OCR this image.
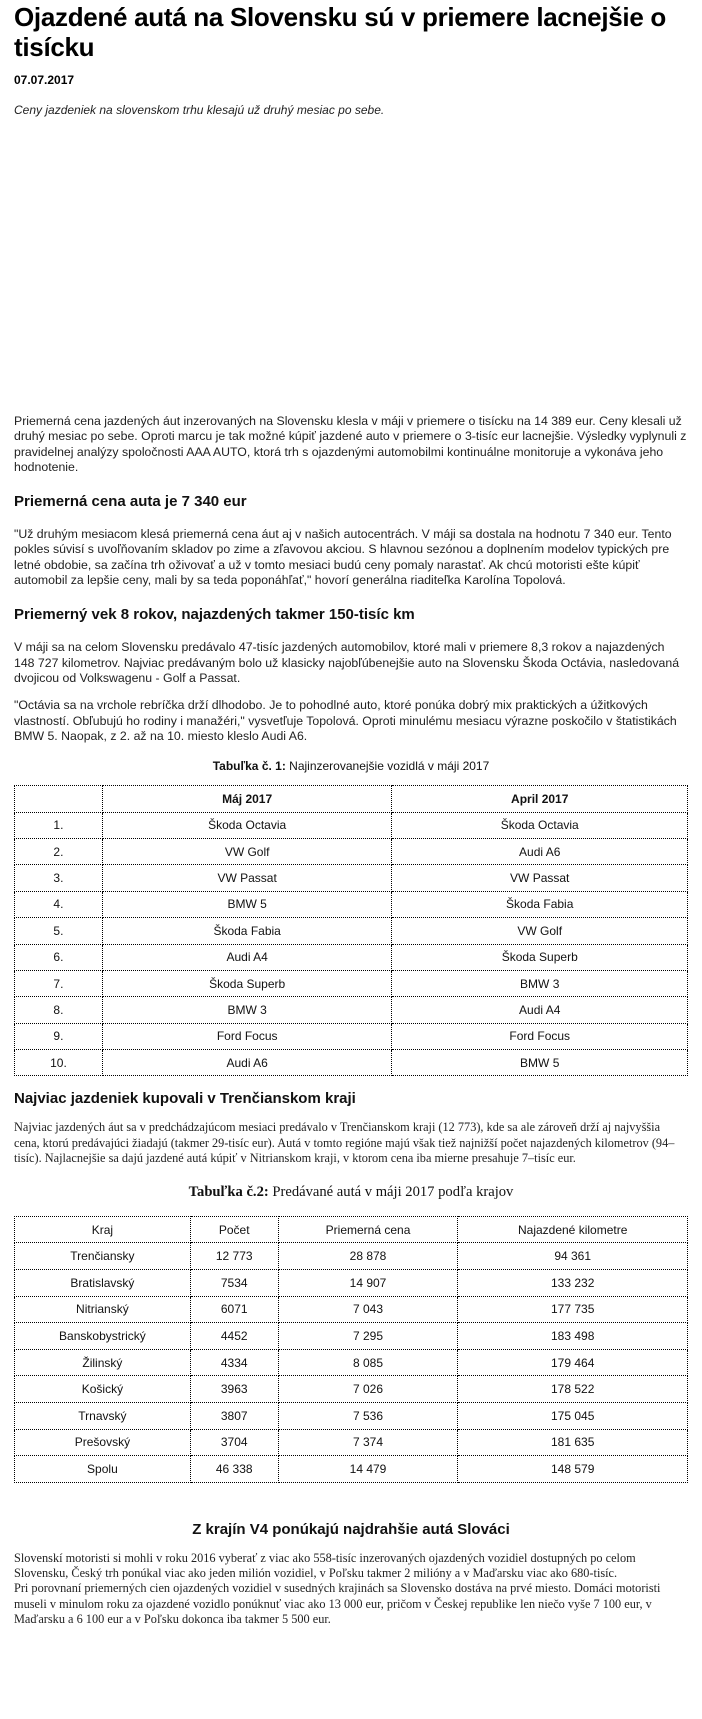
Ojazdené autá na Slovensku sú v priemere lacnejšie o tisícku
07.07.2017
Ceny jazdeniek na slovenskom trhu klesajú už druhý mesiac po sebe.

Priemerná cena jazdených áut inzerovaných na Slovensku klesla v máji v priemere o tisícku na 14 389 eur. Ceny klesali už druhý mesiac po sebe. Oproti marcu je tak možné kúpiť jazdené auto v priemere o 3-tisíc eur lacnejšie. Výsledky vyplynuli z pravidelnej analýzy spoločnosti AAA AUTO, ktorá trh s ojazdenými automobilmi kontinuálne monitoruje a vykonáva jeho hodnotenie.

Priemerná cena auta je 7 340 eur

"Už druhým mesiacom klesá priemerná cena áut aj v našich autocentrách. V máji sa dostala na hodnotu 7 340 eur. Tento pokles súvisí s uvoľňovaním skladov po zime a zľavovou akciou. S hlavnou sezónou a doplnením modelov typických pre letné obdobie, sa začína trh oživovať a už v tomto mesiaci budú ceny pomaly narastať. Ak chcú motoristi ešte kúpiť automobil za lepšie ceny, mali by sa teda poponáhľať," hovorí generálna riaditeľka Karolína Topolová.

Priemerný vek 8 rokov, najazdených takmer 150-tisíc km

V máji sa na celom Slovensku predávalo 47-tisíc jazdených automobilov, ktoré mali v priemere 8,3 rokov a najazdených 148 727 kilometrov. Najviac predávaným bolo už klasicky najobľúbenejšie auto na Slovensku Škoda Octávia, nasledovaná dvojicou od Volkswagenu - Golf a Passat.

"Octávia sa na vrchole rebríčka drží dlhodobo. Je to pohodlné auto, ktoré ponúka dobrý mix praktických a úžitkových vlastností. Obľubujú ho rodiny i manažéri," vysvetľuje Topolová. Oproti minulému mesiacu výrazne poskočilo v štatistikách BMW 5. Naopak, z 2. až na 10. miesto kleslo Audi A6.

Tabuľka č. 1: Najinzerovanejšie vozidlá v máji 2017
	Máj 2017	April 2017
1.	Škoda Octavia	Škoda Octavia
2.	VW Golf	Audi A6
3.	VW Passat	VW Passat
4.	BMW 5	Škoda Fabia
5.	Škoda Fabia	VW Golf
6.	Audi A4	Škoda Superb
7.	Škoda Superb	BMW 3
8.	BMW 3	Audi A4
9.	Ford Focus	Ford Focus
10.	Audi A6	BMW 5
Najviac jazdeniek kupovali v Trenčianskom kraji

Najviac jazdených áut sa v predchádzajúcom mesiaci predávalo v Trenčianskom kraji (12 773), kde sa ale zároveň drží aj najvyššia cena, ktorú predávajúci žiadajú (takmer 29-tisíc eur). Autá v tomto regióne majú však tiež najnižší počet najazdených kilometrov (94–tisíc). Najlacnejšie sa dajú jazdené autá kúpiť v Nitrianskom kraji, v ktorom cena iba mierne presahuje 7–tisíc eur.

Tabuľka č.2: Predávané autá v máji 2017 podľa krajov
Kraj	Počet	Priemerná cena	Najazdené kilometre
Trenčiansky	12 773	28 878	94 361
Bratislavský	7534	14 907	133 232
Nitrianský	6071	7 043	177 735
Banskobystrický	4452	7 295	183 498
Žilinský	4334	8 085	179 464
Košický	3963	7 026	178 522
Trnavský	3807	7 536	175 045
Prešovský	3704	7 374	181 635
Spolu	46 338	14 479	148 579
Z krajín V4 ponúkajú najdrahšie autá Slováci

Slovenskí motoristi si mohli v roku 2016 vyberať z viac ako 558-tisíc inzerovaných ojazdených vozidiel dostupných po celom Slovensku, Český trh ponúkal viac ako jeden milión vozidiel, v Poľsku takmer 2 milióny a v Maďarsku viac ako 680-tisíc.

Pri porovnaní priemerných cien ojazdených vozidiel v susedných krajinách sa Slovensko dostáva na prvé miesto. Domáci motoristi museli v minulom roku za ojazdené vozidlo ponúknuť viac ako 13 000 eur, pričom v Českej republike len niečo vyše 7 100 eur, v Maďarsku a 6 100 eur a v Poľsku dokonca iba takmer 5 500 eur.
